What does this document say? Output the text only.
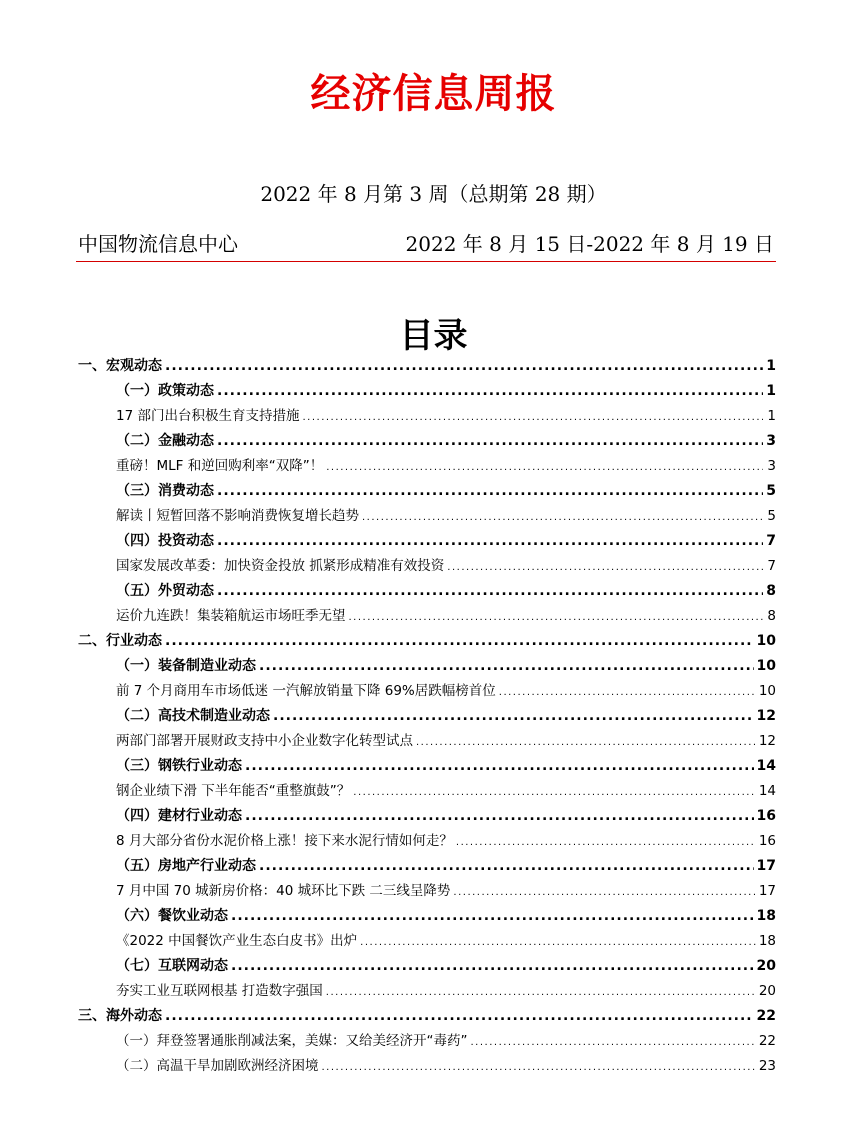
经济信息周报
2022 年 8 月第 3 周（总期第 28 期）
中国物流信息中心	2022 年 8 月 15 日-2022 年 8 月 19 日
目录
一、宏观动态 .....	1
（一）政策动态 .....	1
17 部门出台积极生育支持措施 .....	1
（二）金融动态 .....	3
重磅！MLF 和逆回购利率“双降”！ .....	3
（三）消费动态 .....	5
解读丨短暂回落不影响消费恢复增长趋势 .....	5
（四）投资动态 .....	7
国家发展改革委：加快资金投放 抓紧形成精准有效投资 .....	7
（五）外贸动态 .....	8
运价九连跌！集装箱航运市场旺季无望 .....	8
二、行业动态 .....	10
（一）装备制造业动态 .....	10
前 7 个月商用车市场低迷 一汽解放销量下降 69%居跌幅榜首位 .....	10
（二）高技术制造业动态 .....	12
两部门部署开展财政支持中小企业数字化转型试点 .....	12
（三）钢铁行业动态 .....	14
钢企业绩下滑 下半年能否“重整旗鼓”？ .....	14
（四）建材行业动态 .....	16
8 月大部分省份水泥价格上涨！接下来水泥行情如何走？ .....	16
（五）房地产行业动态 .....	17
7 月中国 70 城新房价格：40 城环比下跌 二三线呈降势 .....	17
（六）餐饮业动态 .....	18
《2022 中国餐饮产业生态白皮书》出炉 .....	18
（七）互联网动态 .....	20
夯实工业互联网根基 打造数字强国 .....	20
三、海外动态 .....	22
（一）拜登签署通胀削减法案，美媒：又给美经济开“毒药” .....	22
（二）高温干旱加剧欧洲经济困境 .....	23
